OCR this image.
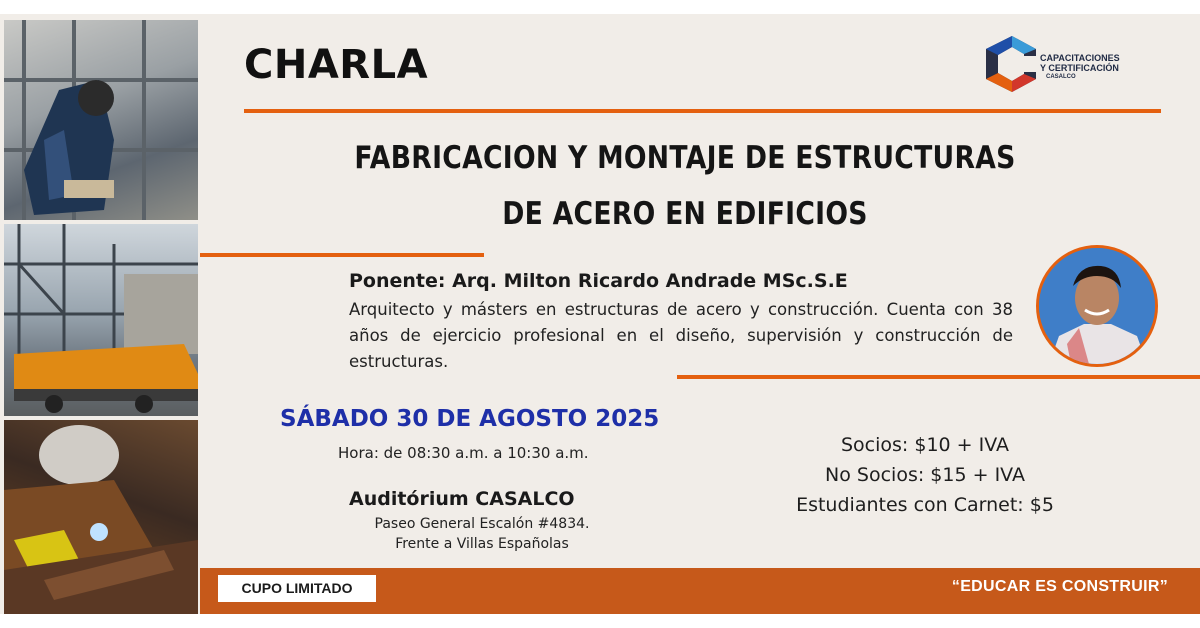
CHARLA	CAPACITACIONES
Y CERTIFICACIÓN
CASALCO
FABRICACION Y MONTAJE DE ESTRUCTURAS
DE ACERO EN EDIFICIOS
Ponente: Arq. Milton Ricardo Andrade MSc.S.E
Arquitecto y másters en estructuras de acero y construcción. Cuenta con 38 años de ejercicio profesional en el diseño, supervisión y construcción de estructuras.
SÁBADO 30 DE AGOSTO 2025
Hora: de 08:30 a.m. a 10:30 a.m.
Auditórium CASALCO
Paseo General Escalón #4834.
Frente a Villas Españolas
Socios: $10 + IVA
No Socios: $15 + IVA
Estudiantes con Carnet: $5
CUPO LIMITADO	“EDUCAR ES CONSTRUIR”
